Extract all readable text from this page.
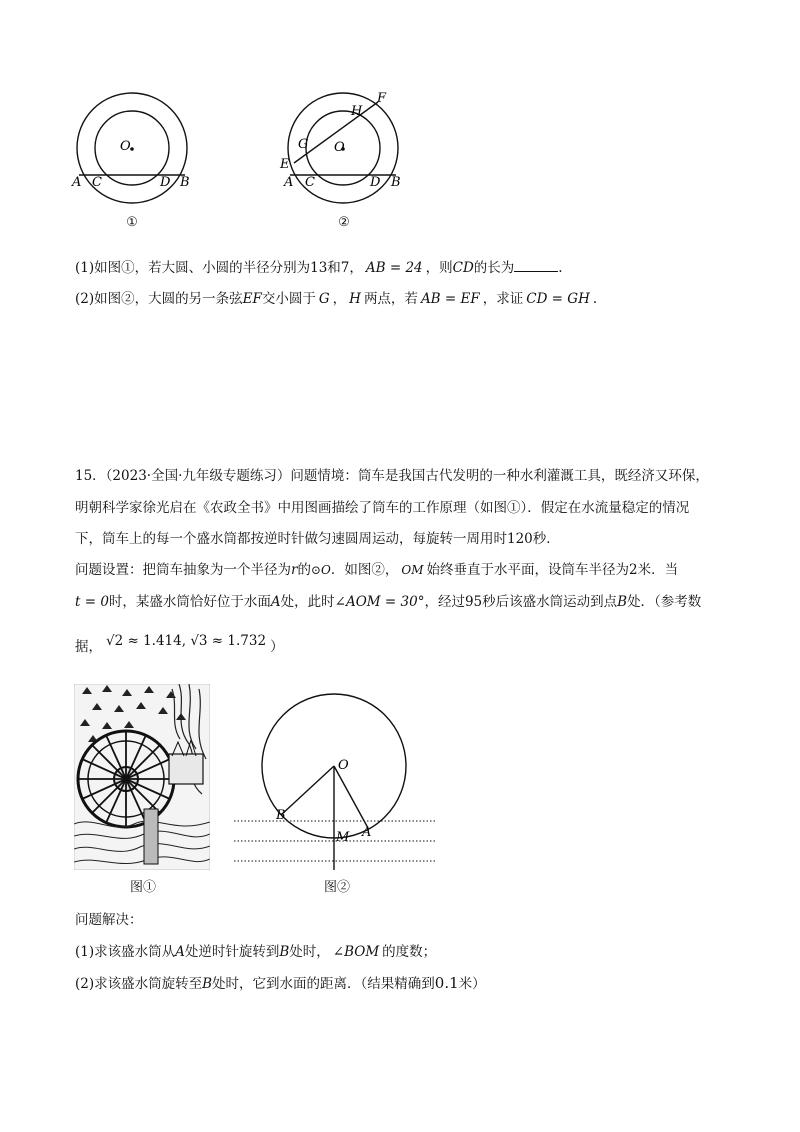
O
A C	D B
①
O
E
G
H
F
A C	D B
②
(1)如图①，若大圆、小圆的半径分别为13和7， AB = 24 ，则CD的长为	.
(2)如图②，大圆的另一条弦EF交小圆于 G ， H 两点，若 AB = EF ，求证 CD = GH .
15．（2023·全国·九年级专题练习）问题情境：筒车是我国古代发明的一种水利灌溉工具，既经济又环保，
明朝科学家徐光启在《农政全书》中用图画描绘了筒车的工作原理（如图①）．假定在水流量稳定的情况
下，筒车上的每一个盛水筒都按逆时针做匀速圆周运动，每旋转一周用时120秒．
问题设置：把筒车抽象为一个半径为r的⊙O．如图②， OM 始终垂直于水平面，设筒车半径为2米．当
t = 0时，某盛水筒恰好位于水面A处，此时∠AOM = 30°，经过95秒后该盛水筒运动到点B处．（参考数
据， √2 ≈ 1.414, √3 ≈ 1.732 ）
图①
O
B
M A
图②
问题解决：
(1)求该盛水筒从A处逆时针旋转到B处时， ∠BOM 的度数；
(2)求该盛水筒旋转至B处时，它到水面的距离．（结果精确到0.1米）
